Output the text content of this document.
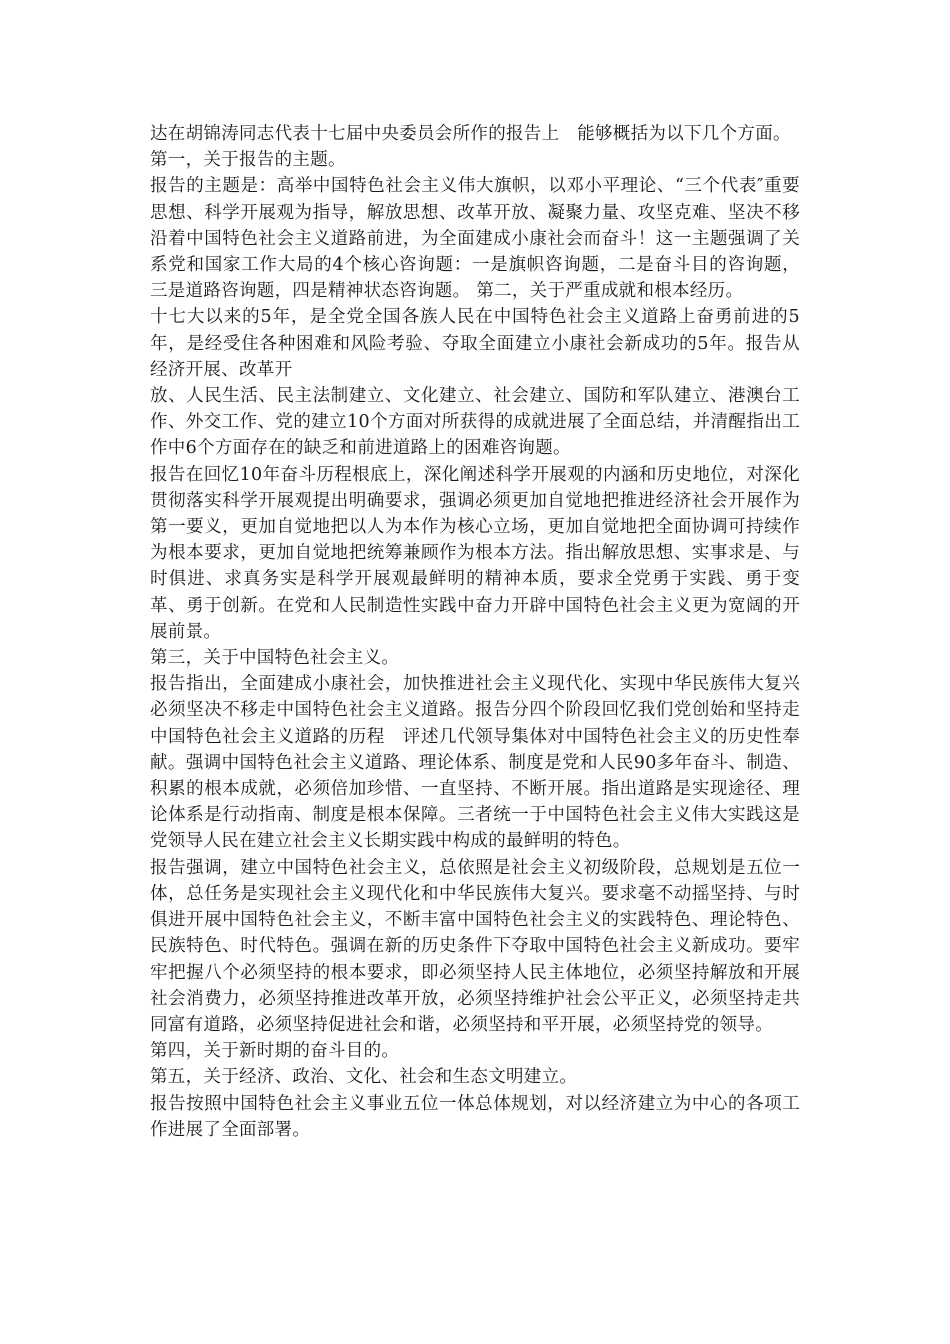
达在胡锦涛同志代表十七届中央委员会所作的报告上　能够概括为以下几个方面。

第一，关于报告的主题。

报告的主题是：高举中国特色社会主义伟大旗帜，以邓小平理论、“三个代表″重要思想、科学开展观为指导，解放思想、改革开放、凝聚力量、攻坚克难、坚决不移沿着中国特色社会主义道路前进，为全面建成小康社会而奋斗！这一主题强调了关系党和国家工作大局的4个核心咨询题：一是旗帜咨询题，二是奋斗目的咨询题，三是道路咨询题，四是精神状态咨询题。 第二，关于严重成就和根本经历。

十七大以来的5年，是全党全国各族人民在中国特色社会主义道路上奋勇前进的5年，是经受住各种困难和风险考验、夺取全面建立小康社会新成功的5年。报告从经济开展、改革开

放、人民生活、民主法制建立、文化建立、社会建立、国防和军队建立、港澳台工作、外交工作、党的建立10个方面对所获得的成就进展了全面总结，并清醒指出工作中6个方面存在的缺乏和前进道路上的困难咨询题。

报告在回忆10年奋斗历程根底上，深化阐述科学开展观的内涵和历史地位，对深化贯彻落实科学开展观提出明确要求，强调必须更加自觉地把推进经济社会开展作为第一要义，更加自觉地把以人为本作为核心立场，更加自觉地把全面协调可持续作为根本要求，更加自觉地把统筹兼顾作为根本方法。指出解放思想、实事求是、与时俱进、求真务实是科学开展观最鲜明的精神本质，要求全党勇于实践、勇于变革、勇于创新。在党和人民制造性实践中奋力开辟中国特色社会主义更为宽阔的开展前景。

第三，关于中国特色社会主义。

报告指出，全面建成小康社会，加快推进社会主义现代化、实现中华民族伟大复兴　必须坚决不移走中国特色社会主义道路。报告分四个阶段回忆我们党创始和坚持走中国特色社会主义道路的历程　评述几代领导集体对中国特色社会主义的历史性奉献。强调中国特色社会主义道路、理论体系、制度是党和人民90多年奋斗、制造、积累的根本成就，必须倍加珍惜、一直坚持、不断开展。指出道路是实现途径、理论体系是行动指南、制度是根本保障。三者统一于中国特色社会主义伟大实践这是党领导人民在建立社会主义长期实践中构成的最鲜明的特色。

报告强调，建立中国特色社会主义，总依照是社会主义初级阶段，总规划是五位一体，总任务是实现社会主义现代化和中华民族伟大复兴。要求毫不动摇坚持、与时俱进开展中国特色社会主义，不断丰富中国特色社会主义的实践特色、理论特色、民族特色、时代特色。强调在新的历史条件下夺取中国特色社会主义新成功。要牢牢把握八个必须坚持的根本要求，即必须坚持人民主体地位，必须坚持解放和开展社会消费力，必须坚持推进改革开放，必须坚持维护社会公平正义，必须坚持走共同富有道路，必须坚持促进社会和谐，必须坚持和平开展，必须坚持党的领导。

第四，关于新时期的奋斗目的。

第五，关于经济、政治、文化、社会和生态文明建立。

报告按照中国特色社会主义事业五位一体总体规划，对以经济建立为中心的各项工作进展了全面部署。
